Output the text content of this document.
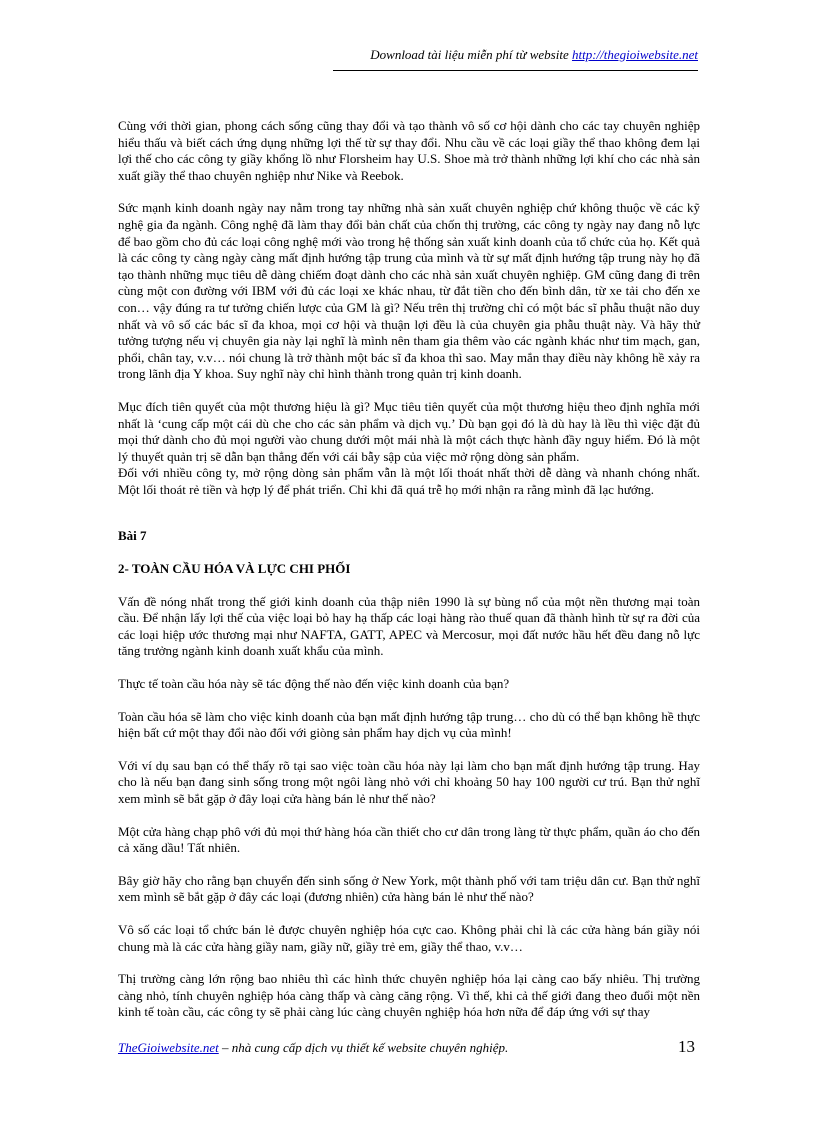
Download tài liệu miễn phí từ website http://thegioiwebsite.net

Cùng với thời gian, phong cách sống cũng thay đổi và tạo thành vô số cơ hội dành cho các tay chuyên nghiệp hiểu thấu và biết cách ứng dụng những lợi thế từ sự thay đổi. Nhu cầu về các loại giầy thể thao không đem lại lợi thế cho các công ty giầy khổng lồ như Florsheim hay U.S. Shoe mà trở thành những lợi khí cho các nhà sản xuất giầy thể thao chuyên nghiệp như Nike và Reebok.

Sức mạnh kinh doanh ngày nay nằm trong tay những nhà sản xuất chuyên nghiệp chứ không thuộc về các kỹ nghệ gia đa ngành. Công nghệ đã làm thay đổi bản chất của chốn thị trường, các công ty ngày nay đang nỗ lực để bao gồm cho đủ các loại công nghệ mới vào trong hệ thống sản xuất kinh doanh của tổ chức của họ. Kết quả là các công ty càng ngày càng mất định hướng tập trung của mình và từ sự mất định hướng tập trung này họ đã tạo thành những mục tiêu dễ dàng chiếm đoạt dành cho các nhà sản xuất chuyên nghiệp. GM cũng đang đi trên cùng một con đường với IBM với đủ các loại xe khác nhau, từ đắt tiền cho đến bình dân, từ xe tải cho đến xe con… vậy đúng ra tư tưởng chiến lược của GM là gì? Nếu trên thị trường chỉ có một bác sĩ phẫu thuật não duy nhất và vô số các bác sĩ đa khoa, mọi cơ hội và thuận lợi đều là của chuyên gia phẫu thuật này. Và hãy thử tưởng tượng nếu vị chuyên gia này lại nghĩ là mình nên tham gia thêm vào các ngành khác như tim mạch, gan, phổi, chân tay, v.v… nói chung là trở thành một bác sĩ đa khoa thì sao. May mắn thay điều này không hề xảy ra trong lãnh địa Y khoa. Suy nghĩ này chỉ hình thành trong quản trị kinh doanh.

Mục đích tiên quyết của một thương hiệu là gì? Mục tiêu tiên quyết của một thương hiệu theo định nghĩa mới nhất là ‘cung cấp một cái dù che cho các sản phẩm và dịch vụ.’ Dù bạn gọi đó là dù hay là lều thì việc đặt đủ mọi thứ dành cho đủ mọi người vào chung dưới một mái nhà là một cách thực hành đầy nguy hiểm. Đó là một lý thuyết quản trị sẽ dẫn bạn thẳng đến với cái bẫy sập của việc mở rộng dòng sản phẩm.

Đối với nhiều công ty, mở rộng dòng sản phẩm vẫn là một lối thoát nhất thời dễ dàng và nhanh chóng nhất. Một lối thoát rẻ tiền và hợp lý để phát triển. Chỉ khi đã quá trễ họ mới nhận ra rằng mình đã lạc hướng.

Bài 7

2- TOÀN CẦU HÓA VÀ LỰC CHI PHỐI

Vấn đề nóng nhất trong thế giới kinh doanh của thập niên 1990 là sự bùng nổ của một nền thương mại toàn cầu. Để nhận lấy lợi thế của việc loại bỏ hay hạ thấp các loại hàng rào thuế quan đã thành hình từ sự ra đời của các loại hiệp ước thương mại như NAFTA, GATT, APEC và Mercosur, mọi đất nước hầu hết đều đang nỗ lực tăng trưởng ngành kinh doanh xuất khẩu của mình.

Thực tế toàn cầu hóa này sẽ tác động thế nào đến việc kinh doanh của bạn?

Toàn cầu hóa sẽ làm cho việc kinh doanh của bạn mất định hướng tập trung… cho dù có thể bạn không hề thực hiện bất cứ một thay đổi nào đối với giòng sản phẩm hay dịch vụ của mình!

Với ví dụ sau bạn có thể thấy rõ tại sao việc toàn cầu hóa này lại làm cho bạn mất định hướng tập trung. Hay cho là nếu bạn đang sinh sống trong một ngôi làng nhỏ với chỉ khoảng 50 hay 100 người cư trú. Bạn thử nghĩ xem mình sẽ bắt gặp ở đây loại cửa hàng bán lẻ như thế nào?

Một cửa hàng chạp phô với đủ mọi thứ hàng hóa cần thiết cho cư dân trong làng từ thực phẩm, quần áo cho đến cả xăng dầu! Tất nhiên.

Bây giờ hãy cho rằng bạn chuyển đến sinh sống ở New York, một thành phố với tam triệu dân cư. Bạn thử nghĩ xem mình sẽ bắt gặp ở đây các loại (đương nhiên) cửa hàng bán lẻ như thế nào?

Vô số các loại tổ chức bán lẻ được chuyên nghiệp hóa cực cao. Không phải chỉ là các cửa hàng bán giầy nói chung mà là các cửa hàng giầy nam, giầy nữ, giầy trẻ em, giầy thể thao, v.v…

Thị trường càng lớn rộng bao nhiêu thì các hình thức chuyên nghiệp hóa lại càng cao bấy nhiêu. Thị trường càng nhỏ, tính chuyên nghiệp hóa càng thấp và càng căng rộng. Vì thế, khi cả thế giới đang theo đuổi một nền kinh tế toàn cầu, các công ty sẽ phải càng lúc càng chuyên nghiệp hóa hơn nữa để đáp ứng với sự thay

TheGioiwebsite.net – nhà cung cấp dịch vụ thiết kế website chuyên nghiệp.	13
